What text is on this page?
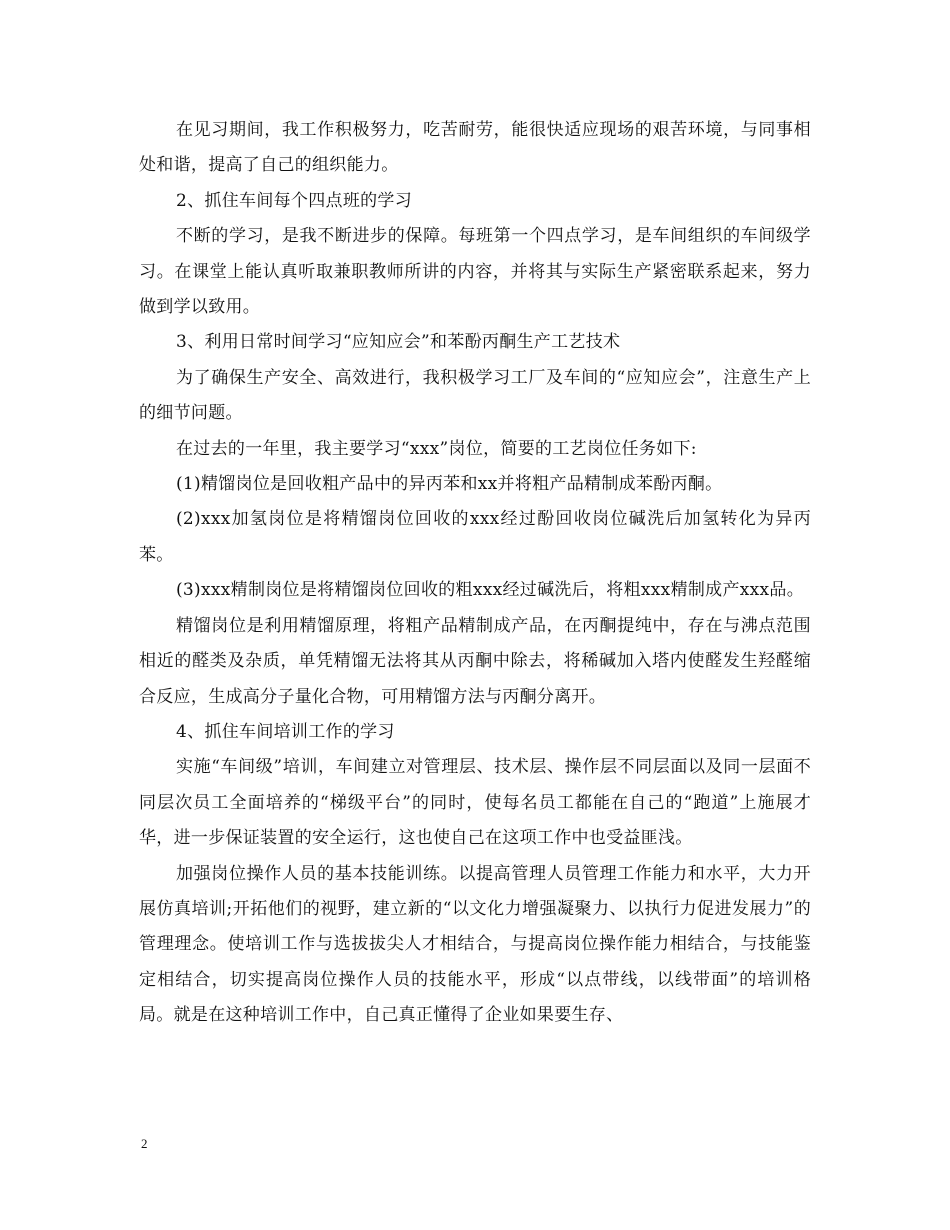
在见习期间，我工作积极努力，吃苦耐劳，能很快适应现场的艰苦环境，与同事相处和谐，提高了自己的组织能力。

2、抓住车间每个四点班的学习

不断的学习，是我不断进步的保障。每班第一个四点学习，是车间组织的车间级学习。在课堂上能认真听取兼职教师所讲的内容，并将其与实际生产紧密联系起来，努力做到学以致用。

3、利用日常时间学习“应知应会”和苯酚丙酮生产工艺技术

为了确保生产安全、高效进行，我积极学习工厂及车间的“应知应会”，注意生产上的细节问题。

在过去的一年里，我主要学习“xxx”岗位，简要的工艺岗位任务如下:

(1)精馏岗位是回收粗产品中的异丙苯和xx并将粗产品精制成苯酚丙酮。

(2)xxx加氢岗位是将精馏岗位回收的xxx经过酚回收岗位碱洗后加氢转化为异丙苯。

(3)xxx精制岗位是将精馏岗位回收的粗xxx经过碱洗后，将粗xxx精制成产xxx品。

精馏岗位是利用精馏原理，将粗产品精制成产品，在丙酮提纯中，存在与沸点范围相近的醛类及杂质，单凭精馏无法将其从丙酮中除去，将稀碱加入塔内使醛发生羟醛缩合反应，生成高分子量化合物，可用精馏方法与丙酮分离开。

4、抓住车间培训工作的学习

实施“车间级”培训，车间建立对管理层、技术层、操作层不同层面以及同一层面不同层次员工全面培养的“梯级平台”的同时，使每名员工都能在自己的“跑道”上施展才华，进一步保证装置的安全运行，这也使自己在这项工作中也受益匪浅。

加强岗位操作人员的基本技能训练。以提高管理人员管理工作能力和水平，大力开展仿真培训;开拓他们的视野，建立新的“以文化力增强凝聚力、以执行力促进发展力”的管理理念。使培训工作与选拔拔尖人才相结合，与提高岗位操作能力相结合，与技能鉴定相结合，切实提高岗位操作人员的技能水平，形成“以点带线，以线带面”的培训格局。就是在这种培训工作中，自己真正懂得了企业如果要生存、

2
